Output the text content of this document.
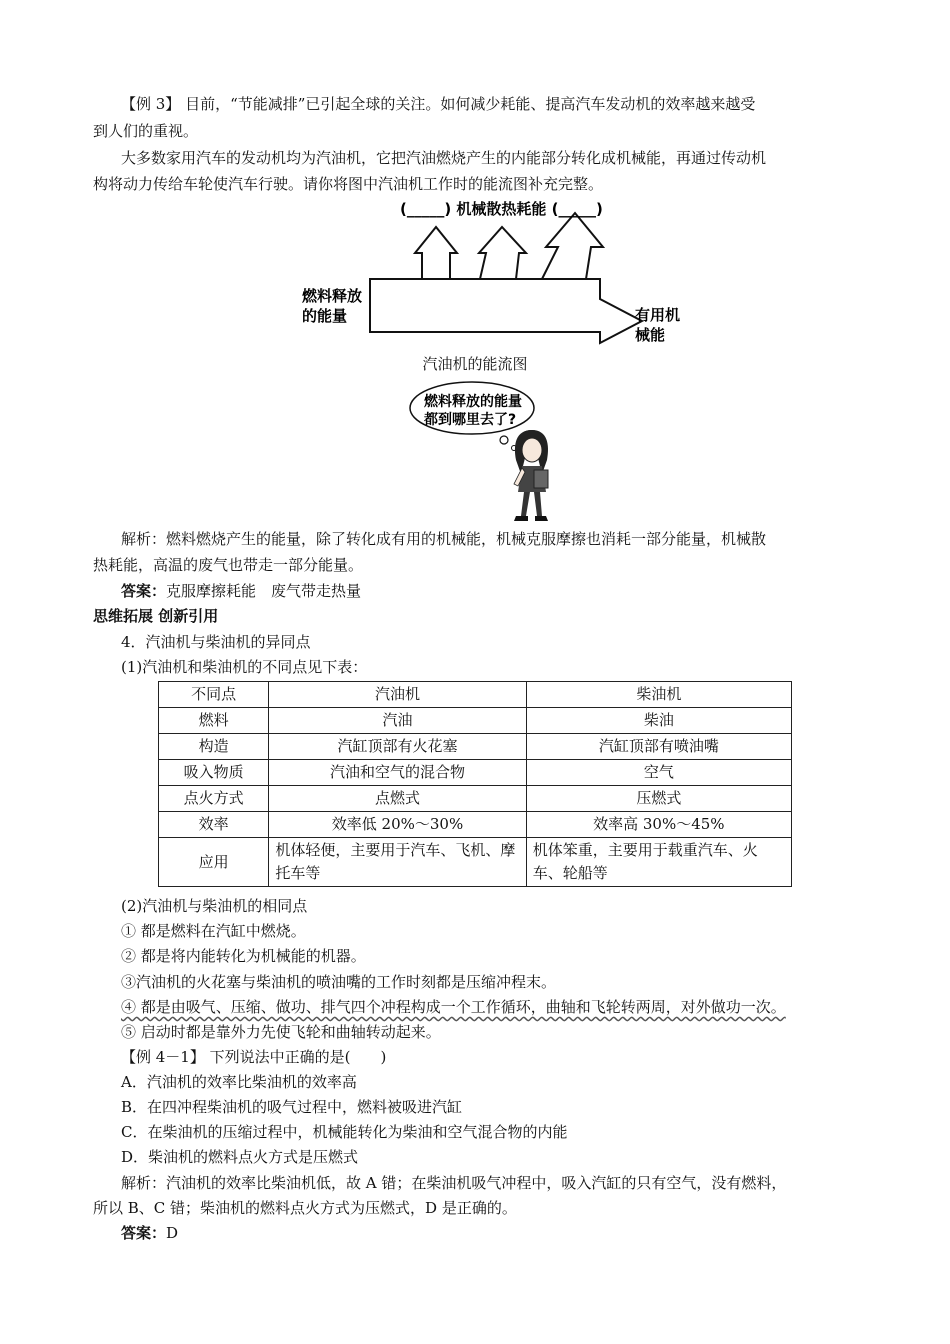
【例 3】 目前，“节能减排”已引起全球的关注。如何减少耗能、提高汽车发动机的效率越来越受
到人们的重视。
大多数家用汽车的发动机均为汽油机，它把汽油燃烧产生的内能部分转化成机械能，再通过传动机
构将动力传给车轮使汽车行驶。请你将图中汽油机工作时的能流图补充完整。
(_____) 机械散热耗能 (_____)
燃料释放
的能量	有用机
械能
汽油机的能流图
燃料释放的能量
都到哪里去了?
解析：燃料燃烧产生的能量，除了转化成有用的机械能，机械克服摩擦也消耗一部分能量，机械散
热耗能，高温的废气也带走一部分能量。
答案：克服摩擦耗能　废气带走热量
思维拓展 创新引用
4．汽油机与柴油机的异同点
(1)汽油机和柴油机的不同点见下表：
不同点	汽油机	柴油机
燃料	汽油	柴油
构造	汽缸顶部有火花塞	汽缸顶部有喷油嘴
吸入物质	汽油和空气的混合物	空气
点火方式	点燃式	压燃式
效率	效率低 20%～30%	效率高 30%～45%
应用	机体轻便，主要用于汽车、飞机、摩托车等	机体笨重，主要用于载重汽车、火车、轮船等
(2)汽油机与柴油机的相同点
① 都是燃料在汽缸中燃烧。
② 都是将内能转化为机械能的机器。
③汽油机的火花塞与柴油机的喷油嘴的工作时刻都是压缩冲程末。
④ 都是由吸气、压缩、做功、排气四个冲程构成一个工作循环，曲轴和飞轮转两周，对外做功一次。
⑤ 启动时都是靠外力先使飞轮和曲轴转动起来。
【例 4－1】 下列说法中正确的是(　　)
A．汽油机的效率比柴油机的效率高
B．在四冲程柴油机的吸气过程中，燃料被吸进汽缸
C．在柴油机的压缩过程中，机械能转化为柴油和空气混合物的内能
D．柴油机的燃料点火方式是压燃式
解析：汽油机的效率比柴油机低，故 A 错；在柴油机吸气冲程中，吸入汽缸的只有空气，没有燃料，
所以 B、C 错；柴油机的燃料点火方式为压燃式，D 是正确的。
答案：D
